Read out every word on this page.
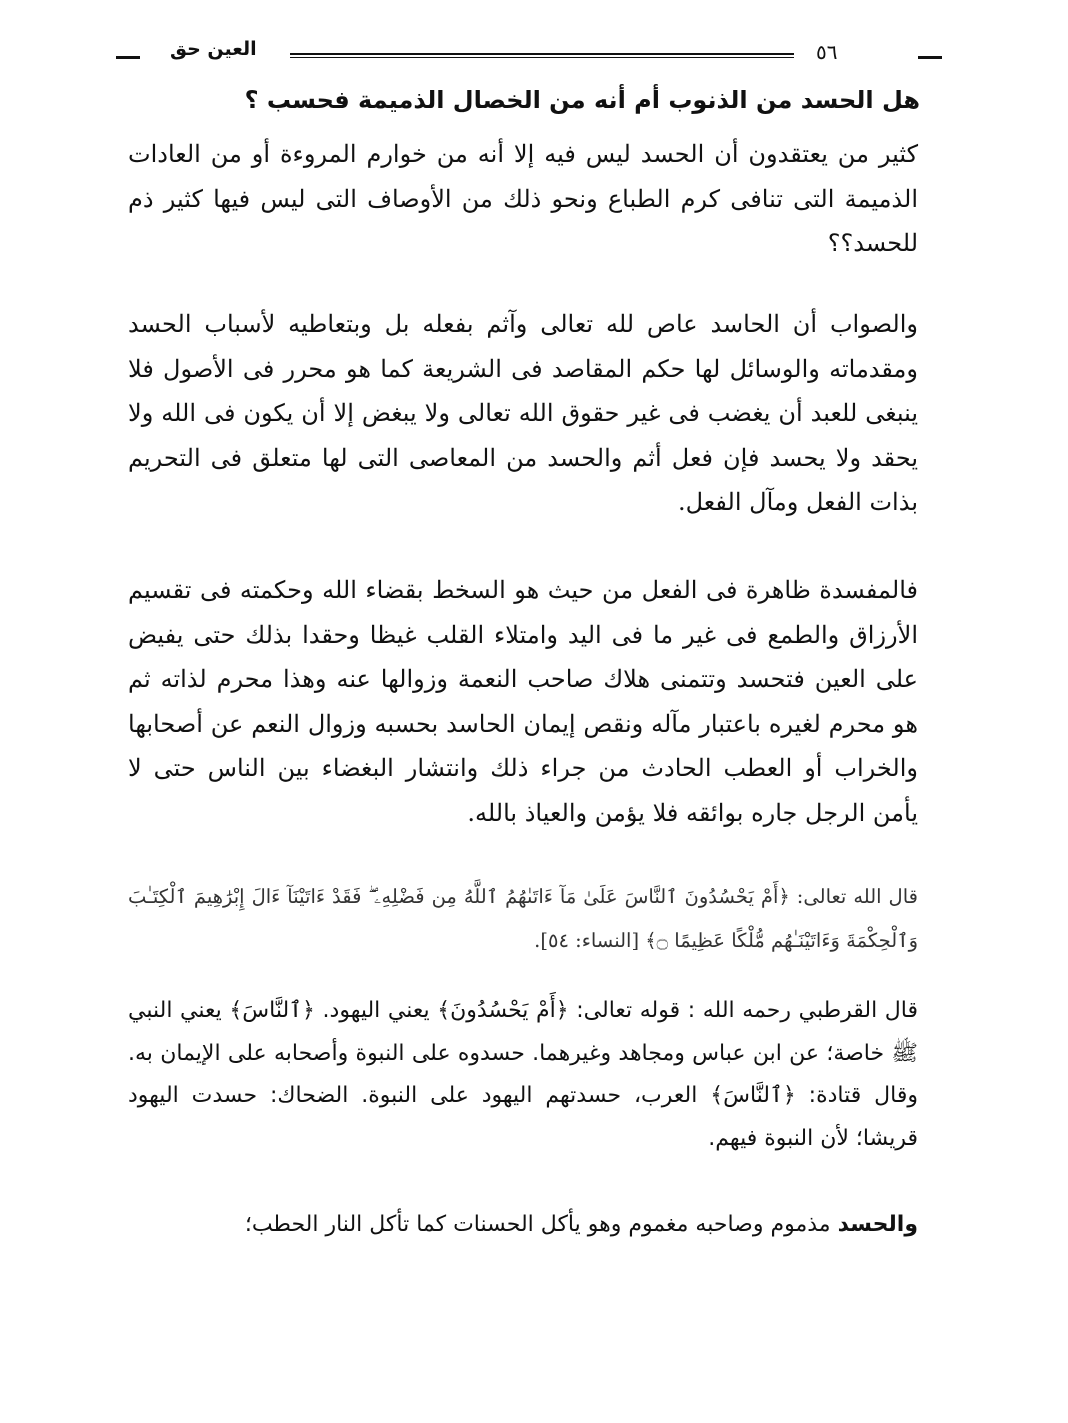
العين حق	٥٦
هل الحسد من الذنوب أم أنه من الخصال الذميمة فحسب ؟
كثير من يعتقدون أن الحسد ليس فيه إلا أنه من خوارم المروءة أو من العادات الذميمة التى تنافى كرم الطباع ونحو ذلك من الأوصاف التى ليس فيها كثير ذم للحسد؟؟
والصواب أن الحاسد عاص لله تعالى وآثم بفعله بل وبتعاطيه لأسباب الحسد ومقدماته والوسائل لها حكم المقاصد فى الشريعة كما هو محرر فى الأصول فلا ينبغى للعبد أن يغضب فى غير حقوق الله تعالى ولا يبغض إلا أن يكون فى الله ولا يحقد ولا يحسد فإن فعل أثم والحسد من المعاصى التى لها متعلق فى التحريم بذات الفعل ومآل الفعل.
فالمفسدة ظاهرة فى الفعل من حيث هو السخط بقضاء الله وحكمته فى تقسيم الأرزاق والطمع فى غير ما فى اليد وامتلاء القلب غيظا وحقدا بذلك حتى يفيض على العين فتحسد وتتمنى هلاك صاحب النعمة وزوالها عنه وهذا محرم لذاته ثم هو محرم لغيره باعتبار مآله ونقص إيمان الحاسد بحسبه وزوال النعم عن أصحابها والخراب أو العطب الحادث من جراء ذلك وانتشار البغضاء بين الناس حتى لا يأمن الرجل جاره بوائقه فلا يؤمن والعياذ بالله.
قال الله تعالى: ﴿أَمْ يَحْسُدُونَ ٱلنَّاسَ عَلَىٰ مَآ ءَاتَىٰهُمُ ٱللَّهُ مِن فَضْلِهِۦ ۖ فَقَدْ ءَاتَيْنَآ ءَالَ إِبْرَٰهِيمَ ٱلْكِتَـٰبَ وَٱلْحِكْمَةَ وَءَاتَيْنَـٰهُم مُّلْكًا عَظِيمًا ۝﴾ [النساء: ٥٤].
قال القرطبي رحمه الله : قوله تعالى: ﴿أَمْ يَحْسُدُونَ﴾ يعني اليهود. ﴿ٱلنَّاسَ﴾ يعني النبي ﷺ خاصة؛ عن ابن عباس ومجاهد وغيرهما. حسدوه على النبوة وأصحابه على الإيمان به. وقال قتادة: ﴿ٱلنَّاسَ﴾ العرب، حسدتهم اليهود على النبوة. الضحاك: حسدت اليهود قريشا؛ لأن النبوة فيهم.
والحسد مذموم وصاحبه مغموم وهو يأكل الحسنات كما تأكل النار الحطب؛
